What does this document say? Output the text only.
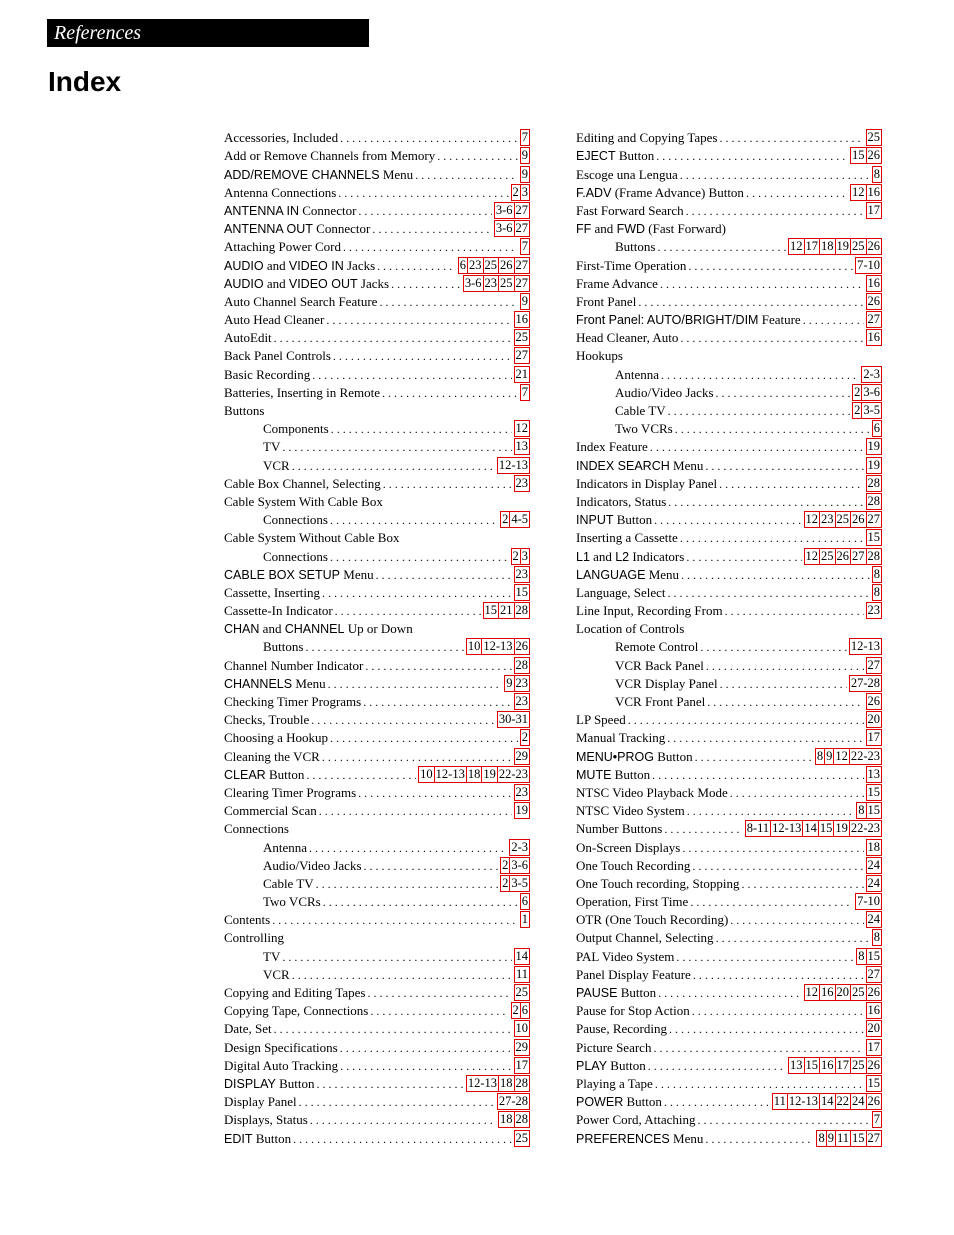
References
Index
Accessories, Included . . .	7
Add or Remove Channels from Memory . . .	9
ADD/REMOVE CHANNELS Menu . . .	9
Antenna Connections . . .	2 3
ANTENNA IN Connector . . .	3-6 27
ANTENNA OUT Connector . . .	3-6 27
Attaching Power Cord . . .	7
AUDIO and VIDEO IN Jacks . . .	6 23 25 26 27
AUDIO and VIDEO OUT Jacks . . .	3-6 23 25 27
Auto Channel Search Feature . . .	9
Auto Head Cleaner . . .	16
AutoEdit . . .	25
Back Panel Controls . . .	27
Basic Recording . . .	21
Batteries, Inserting in Remote . . .	7
Buttons
Components . . .	12
TV . . .	13
VCR . . .	12-13
Cable Box Channel, Selecting . . .	23
Cable System With Cable Box
Connections . . .	2 4-5
Cable System Without Cable Box
Connections . . .	2 3
CABLE BOX SETUP Menu . . .	23
Cassette, Inserting . . .	15
Cassette-In Indicator . . .	15 21 28
CHAN and CHANNEL Up or Down
Buttons . . .	10 12-13 26
Channel Number Indicator . . .	28
CHANNELS Menu . . .	9 23
Checking Timer Programs . . .	23
Checks, Trouble . . .	30-31
Choosing a Hookup . . .	2
Cleaning the VCR . . .	29
CLEAR Button . . .	10 12-13 18 19 22-23
Clearing Timer Programs . . .	23
Commercial Scan . . .	19
Connections
Antenna . . .	2-3
Audio/Video Jacks . . .	2 3-6
Cable TV . . .	2 3-5
Two VCRs . . .	6
Contents . . .	1
Controlling
TV . . .	14
VCR . . .	11
Copying and Editing Tapes . . .	25
Copying Tape, Connections . . .	2 6
Date, Set . . .	10
Design Specifications . . .	29
Digital Auto Tracking . . .	17
DISPLAY Button . . .	12-13 18 28
Display Panel . . .	27-28
Displays, Status . . .	18 28
EDIT Button . . .	25
Editing and Copying Tapes . . .	25
EJECT Button . . .	15 26
Escoge una Lengua . . .	8
F.ADV (Frame Advance) Button . . .	12 16
Fast Forward Search . . .	17
FF and FWD (Fast Forward)
Buttons . . .	12 17 18 19 25 26
First-Time Operation . . .	7-10
Frame Advance . . .	16
Front Panel . . .	26
Front Panel: AUTO/BRIGHT/DIM Feature . . .	27
Head Cleaner, Auto . . .	16
Hookups
Antenna . . .	2-3
Audio/Video Jacks . . .	2 3-6
Cable TV . . .	2 3-5
Two VCRs . . .	6
Index Feature . . .	19
INDEX SEARCH Menu . . .	19
Indicators in Display Panel . . .	28
Indicators, Status . . .	28
INPUT Button . . .	12 23 25 26 27
Inserting a Cassette . . .	15
L1 and L2 Indicators . . .	12 25 26 27 28
LANGUAGE Menu . . .	8
Language, Select . . .	8
Line Input, Recording From . . .	23
Location of Controls
Remote Control . . .	12-13
VCR Back Panel . . .	27
VCR Display Panel . . .	27-28
VCR Front Panel . . .	26
LP Speed . . .	20
Manual Tracking . . .	17
MENU•PROG Button . . .	8 9 12 22-23
MUTE Button . . .	13
NTSC Video Playback Mode . . .	15
NTSC Video System . . .	8 15
Number Buttons . . .	8-11 12-13 14 15 19 22-23
On-Screen Displays . . .	18
One Touch Recording . . .	24
One Touch recording, Stopping . . .	24
Operation, First Time . . .	7-10
OTR (One Touch Recording) . . .	24
Output Channel, Selecting . . .	8
PAL Video System . . .	8 15
Panel Display Feature . . .	27
PAUSE Button . . .	12 16 20 25 26
Pause for Stop Action . . .	16
Pause, Recording . . .	20
Picture Search . . .	17
PLAY Button . . .	13 15 16 17 25 26
Playing a Tape . . .	15
POWER Button . . .	11 12-13 14 22 24 26
Power Cord, Attaching . . .	7
PREFERENCES Menu . . .	8 9 11 15 27
